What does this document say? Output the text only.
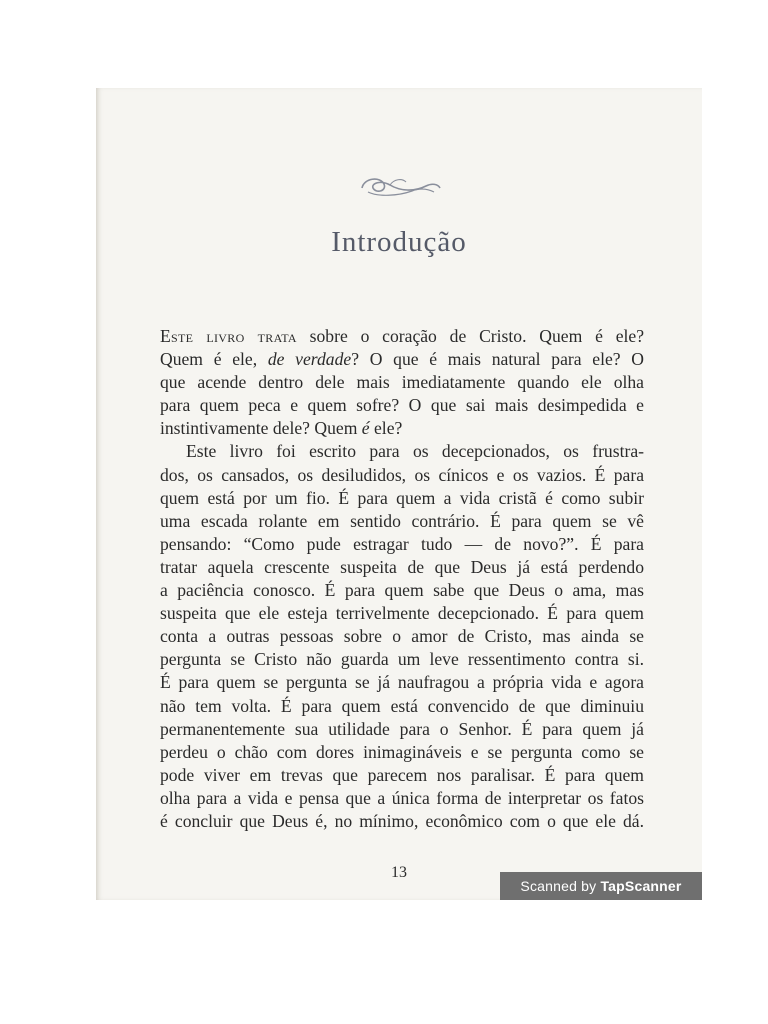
Introdução
Este livro trata sobre o coração de Cristo. Quem é ele?
Quem é ele, de verdade? O que é mais natural para ele? O
que acende dentro dele mais imediatamente quando ele olha
para quem peca e quem sofre? O que sai mais desimpedida e
instintivamente dele? Quem é ele?
Este livro foi escrito para os decepcionados, os frustra-
dos, os cansados, os desiludidos, os cínicos e os vazios. É para
quem está por um fio. É para quem a vida cristã é como subir
uma escada rolante em sentido contrário. É para quem se vê
pensando: “Como pude estragar tudo — de novo?”. É para
tratar aquela crescente suspeita de que Deus já está perdendo
a paciência conosco. É para quem sabe que Deus o ama, mas
suspeita que ele esteja terrivelmente decepcionado. É para quem
conta a outras pessoas sobre o amor de Cristo, mas ainda se
pergunta se Cristo não guarda um leve ressentimento contra si.
É para quem se pergunta se já naufragou a própria vida e agora
não tem volta. É para quem está convencido de que diminuiu
permanentemente sua utilidade para o Senhor. É para quem já
perdeu o chão com dores inimagináveis e se pergunta como se
pode viver em trevas que parecem nos paralisar. É para quem
olha para a vida e pensa que a única forma de interpretar os fatos
é concluir que Deus é, no mínimo, econômico com o que ele dá.
13
Scanned by TapScanner
